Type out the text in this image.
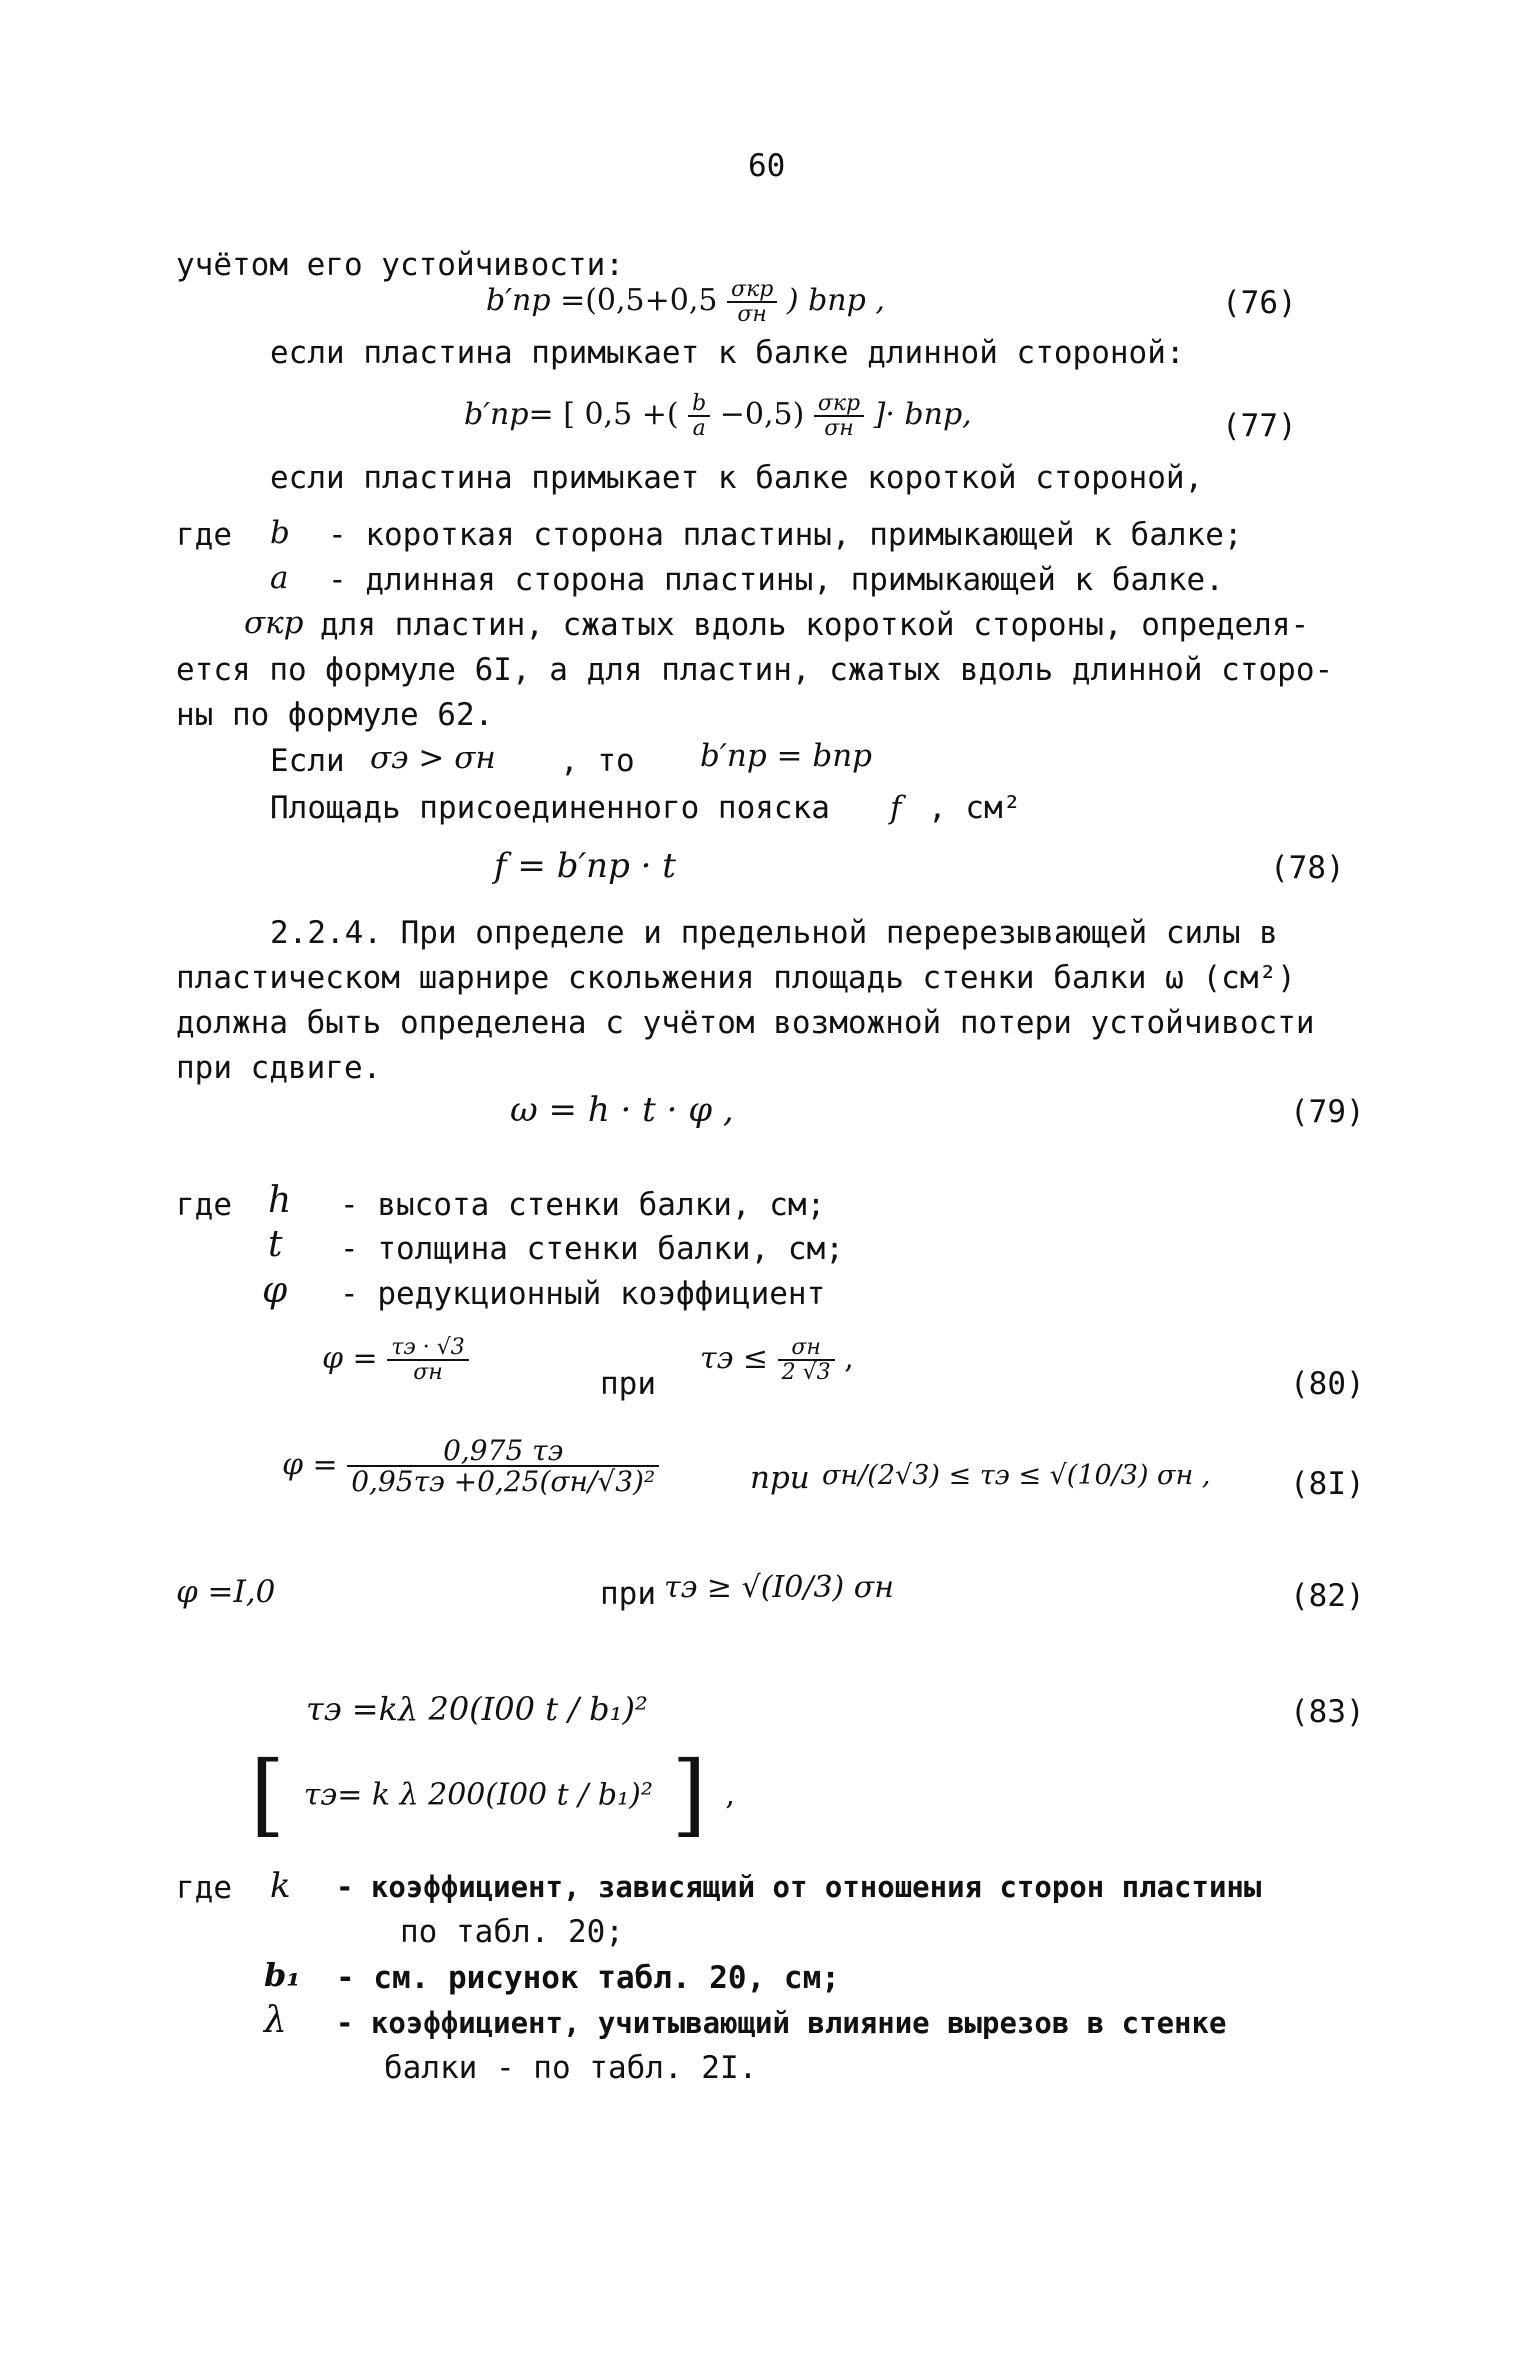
60
учётом его устойчивости:
$b'пр =(0,5+0,5 \frac{\text{σкр}}{\sigma н}$ ) bпр ,	(76)
если пластина примыкает к балке длинной стороной:
b′пр= [ 0,5 +( $\frac{b}{a} -0,5) \frac{\text{σкр}}{\sigma н}$ ]· bпр,	(77)
если пластина примыкает к балке короткой стороной,
где b - короткая сторона пластины, примыкающей к балке;
a - длинная сторона пластины, примыкающей к балке.
σкр для пластин, сжатых вдоль короткой стороны, определя-
ется по формуле 6I, а для пластин, сжатых вдоль длинной сторо-
ны по формуле 62.
Если σэ > σн , то b′пр = bпр
Площадь присоединенного пояска f , см²
f = b′пр · t	(78)
2.2.4. При определе и предельной перерезывающей силы в
пластическом шарнире скольжения площадь стенки балки ω (см²)
должна быть определена с учётом возможной потери устойчивости
при сдвиге.
ω = h · t · φ ,	(79)
где h - высота стенки балки, см;
t - толщина стенки балки, см;
φ - редукционный коэффициент
$\varphi = \frac{\tau э \cdot √3}{\sigma н}$	при
$\tau э \le \frac{\sigma н}{2 √3}$ ,
(80)
$\varphi = \frac{0,975 \tau э}{\text{0,95τэ +0,25(σн/√3)²}}$	при σн/(2√3) ≤ τэ ≤ √(10/3) σн ,	(8I)
φ =I,0	при τэ ≥ √(I0/3) σн	(82)
τэ =kλ 20(I00 t / b₁)²	(83)
[ τэ= k λ 200(I00 t / b₁)² ] ,
где k - коэффициент, зависящий от отношения сторон пластины
по табл. 20;
b₁ - см. рисунок табл. 20, см;
λ - коэффициент, учитывающий влияние вырезов в стенке
балки - по табл. 2I.
